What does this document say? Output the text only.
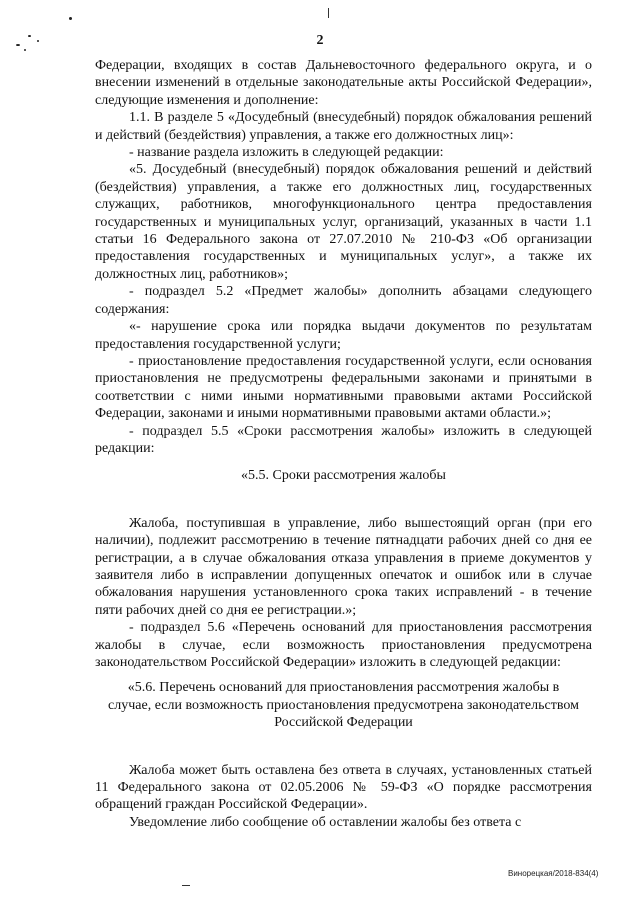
2

Федерации, входящих в состав Дальневосточного федерального округа, и о внесении изменений в отдельные законодательные акты Российской Федерации», следующие изменения и дополнение:

1.1. В разделе 5 «Досудебный (внесудебный) порядок обжалования решений и действий (бездействия) управления, а также его должностных лиц»:

- название раздела изложить в следующей редакции:

«5. Досудебный (внесудебный) порядок обжалования решений и действий (бездействия) управления, а также его должностных лиц, государственных служащих, работников, многофункционального центра предоставления государственных и муниципальных услуг, организаций, указанных в части 1.1 статьи 16 Федерального закона от 27.07.2010 № 210-ФЗ «Об организации предоставления государственных и муниципальных услуг», а также их должностных лиц, работников»;

- подраздел 5.2 «Предмет жалобы» дополнить абзацами следующего содержания:

«- нарушение срока или порядка выдачи документов по результатам предоставления государственной услуги;

- приостановление предоставления государственной услуги, если основания приостановления не предусмотрены федеральными законами и принятыми в соответствии с ними иными нормативными правовыми актами Российской Федерации, законами и иными нормативными правовыми актами области.»;

- подраздел 5.5 «Сроки рассмотрения жалобы» изложить в следующей редакции:

«5.5. Сроки рассмотрения жалобы

Жалоба, поступившая в управление, либо вышестоящий орган (при его наличии), подлежит рассмотрению в течение пятнадцати рабочих дней со дня ее регистрации, а в случае обжалования отказа управления в приеме документов у заявителя либо в исправлении допущенных опечаток и ошибок или в случае обжалования нарушения установленного срока таких исправлений - в течение пяти рабочих дней со дня ее регистрации.»;

- подраздел 5.6 «Перечень оснований для приостановления рассмотрения жалобы в случае, если возможность приостановления предусмотрена законодательством Российской Федерации» изложить в следующей редакции:

«5.6. Перечень оснований для приостановления рассмотрения жалобы в случае, если возможность приостановления предусмотрена законодательством Российской Федерации

Жалоба может быть оставлена без ответа в случаях, установленных статьей 11 Федерального закона от 02.05.2006 № 59-ФЗ «О порядке рассмотрения обращений граждан Российской Федерации».

Уведомление либо сообщение об оставлении жалобы без ответа с

Винорецкая/2018-834(4)
